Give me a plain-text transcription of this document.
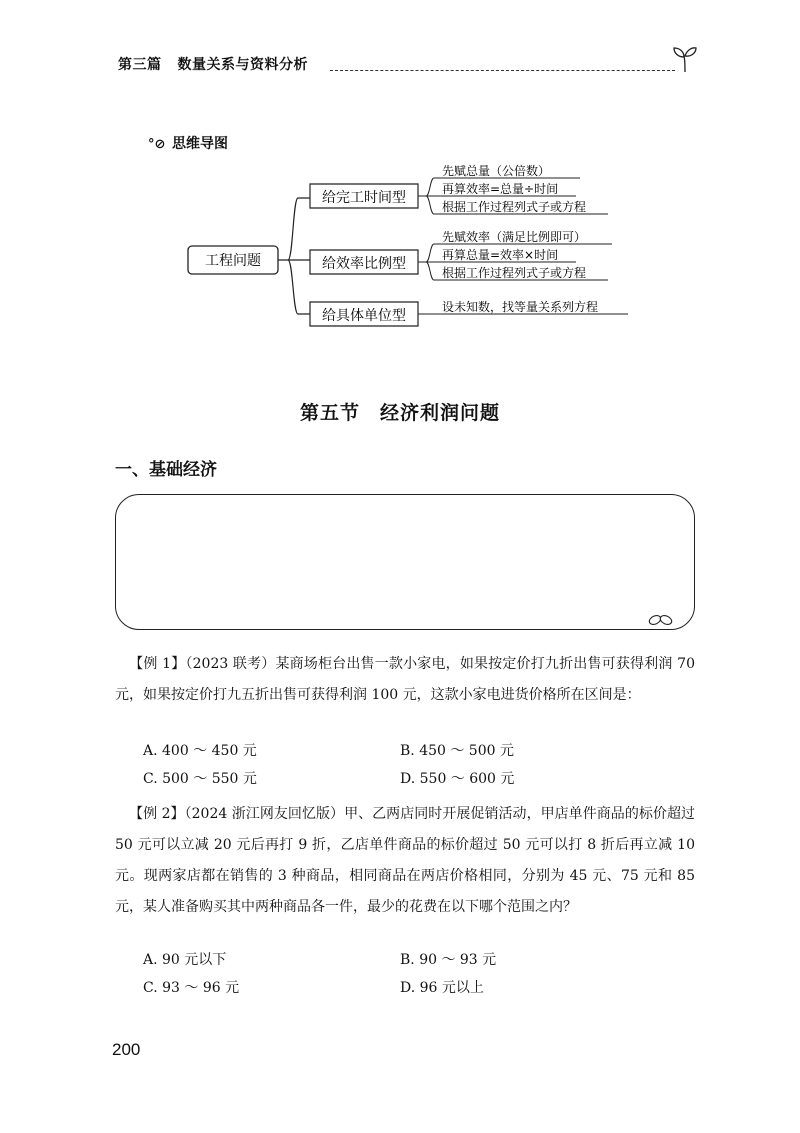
第三篇 数量关系与资料分析
°⊘ 思维导图
工程问题
给完工时间型
先赋总量（公倍数）
再算效率=总量÷时间
根据工作过程列式子或方程
给效率比例型
先赋效率（满足比例即可）
再算总量=效率×时间
根据工作过程列式子或方程
给具体单位型
设未知数，找等量关系列方程
第五节　经济利润问题
一、基础经济
【例 1】（2023 联考）某商场柜台出售一款小家电，如果按定价打九折出售可获得利润 70 元，如果按定价打九五折出售可获得利润 100 元，这款小家电进货价格所在区间是：
A. 400 ～ 450 元	B. 450 ～ 500 元
C. 500 ～ 550 元	D. 550 ～ 600 元
【例 2】（2024 浙江网友回忆版）甲、乙两店同时开展促销活动，甲店单件商品的标价超过 50 元可以立减 20 元后再打 9 折，乙店单件商品的标价超过 50 元可以打 8 折后再立减 10 元。现两家店都在销售的 3 种商品，相同商品在两店价格相同，分别为 45 元、75 元和 85 元，某人准备购买其中两种商品各一件，最少的花费在以下哪个范围之内？
A. 90 元以下	B. 90 ～ 93 元
C. 93 ～ 96 元	D. 96 元以上
200
